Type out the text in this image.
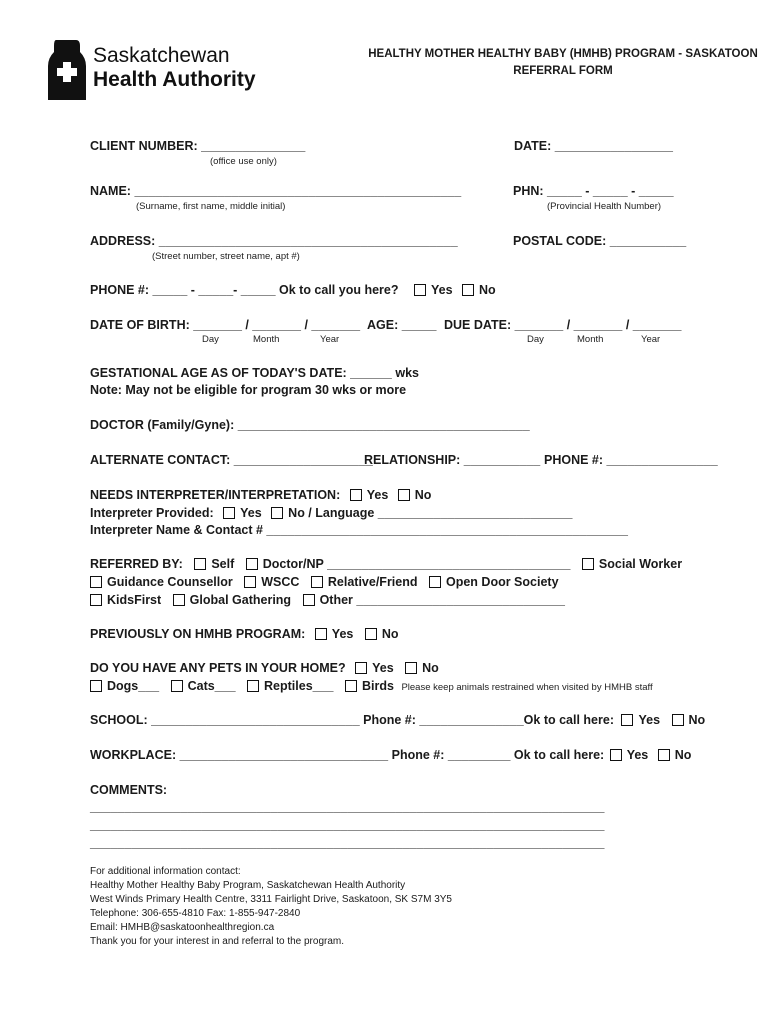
Saskatchewan
Health Authority
HEALTHY MOTHER HEALTHY BABY (HMHB) PROGRAM - SASKATOON
REFERRAL FORM
CLIENT NUMBER: _______________
(office use only)
DATE: _________________
NAME: _______________________________________________
(Surname, first name, middle initial)
PHN: _____ - _____ - _____
(Provincial Health Number)
ADDRESS: ___________________________________________
(Street number, street name, apt #)
POSTAL CODE: ___________
PHONE #: _____ - _____- _____ Ok to call you here?	Yes No
DATE OF BIRTH: _______ / _______ / _______
Day	Month	Year
AGE: _____ DUE DATE: _______ / _______ / _______
Day	Month	Year
GESTATIONAL AGE AS OF TODAY'S DATE: ______ wks
Note: May not be eligible for program 30 wks or more
DOCTOR (Family/Gyne): __________________________________________
ALTERNATE CONTACT: ____________________
RELATIONSHIP: ___________ PHONE #: ________________
NEEDS INTERPRETER/INTERPRETATION: Yes No
Interpreter Provided: Yes No / Language ____________________________
Interpreter Name & Contact # ____________________________________________________
REFERRED BY: Self Doctor/NP ___________________________________ Social Worker
Guidance Counsellor WSCC Relative/Friend Open Door Society
KidsFirst Global Gathering Other ______________________________
PREVIOUSLY ON HMHB PROGRAM: Yes No
DO YOU HAVE ANY PETS IN YOUR HOME? Yes No
Dogs___ Cats___ Reptiles___ Birds Please keep animals restrained when visited by HMHB staff
SCHOOL: ______________________________ Phone #: _______________Ok to call here: Yes No
WORKPLACE: ______________________________ Phone #: _________ Ok to call here: Yes No
COMMENTS:
__________________________________________________________________________
__________________________________________________________________________
__________________________________________________________________________
For additional information contact:
Healthy Mother Healthy Baby Program, Saskatchewan Health Authority
West Winds Primary Health Centre, 3311 Fairlight Drive, Saskatoon, SK S7M 3Y5
Telephone: 306-655-4810 Fax: 1-855-947-2840
Email: HMHB@saskatoonhealthregion.ca
Thank you for your interest in and referral to the program.
